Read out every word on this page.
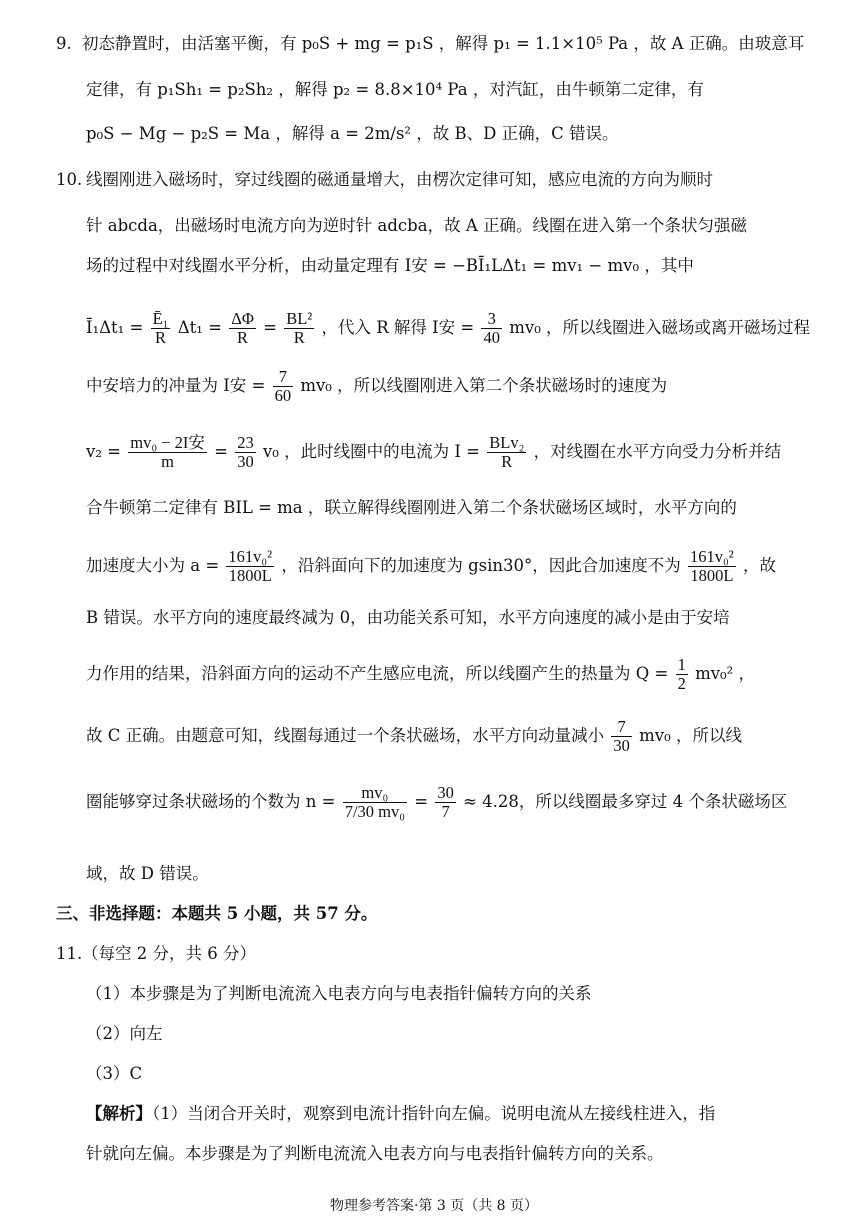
9. 初态静置时，由活塞平衡，有 p₀S + mg = p₁S ，解得 p₁ = 1.1×10⁵ Pa ，故 A 正确。由玻意耳
定律，有 p₁Sh₁ = p₂Sh₂ ，解得 p₂ = 8.8×10⁴ Pa ，对汽缸，由牛顿第二定律，有
p₀S − Mg − p₂S = Ma ，解得 a = 2m/s² ，故 B、D 正确，C 错误。
10. 线圈刚进入磁场时，穿过线圈的磁通量增大，由楞次定律可知，感应电流的方向为顺时
针 abcda，出磁场时电流方向为逆时针 adcba，故 A 正确。线圈在进入第一个条状匀强磁
场的过程中对线圈水平分析，由动量定理有 I安 = −BĪ₁LΔt₁ = mv₁ − mv₀ ，其中
Ī₁Δt₁ = $\frac{\text{Ē₁}}{R} \Delta t_1 = \frac{\Delta\Phi}{R} = \frac{\text{BL²}}{R}$ ，代入 R 解得 I安 = $\frac{3}{40} mv_0$ ，所以线圈进入磁场或离开磁场过程
中安培力的冲量为 I安 = $\frac{7}{60} mv_0$ ，所以线圈刚进入第二个条状磁场时的速度为
$v_2 = \frac{\text{mv₀ − 2I安}}{m} = \frac{23}{30} v_0$ ，此时线圈中的电流为 $I = \frac{\text{BLv₂}}{R}$ ，对线圈在水平方向受力分析并结
合牛顿第二定律有 BIL = ma ，联立解得线圈刚进入第二个条状磁场区域时，水平方向的
加速度大小为 $a = \frac{\text{161v₀²}}{1800L}$ ，沿斜面向下的加速度为 gsin30°，因此合加速度不为 $\frac{\text{161v₀²}}{1800L}$ ，故
B 错误。水平方向的速度最终减为 0，由功能关系可知，水平方向速度的减小是由于安培
力作用的结果，沿斜面方向的运动不产生感应电流，所以线圈产生的热量为 $Q = \frac{1}{2} mv_0^2$ ，
故 C 正确。由题意可知，线圈每通过一个条状磁场，水平方向动量减小 $\frac{7}{30} mv_0$ ，所以线
圈能够穿过条状磁场的个数为 $n = \frac{\text{mv₀}}{\text{7/30 mv₀}} = \frac{30}{7} \approx 4.28$，所以线圈最多穿过 4 个条状磁场区
域，故 D 错误。
三、非选择题：本题共 5 小题，共 57 分。
11. （每空 2 分，共 6 分）
（1）本步骤是为了判断电流流入电表方向与电表指针偏转方向的关系
（2）向左
（3）C
【解析】（1）当闭合开关时，观察到电流计指针向左偏。说明电流从左接线柱进入，指
针就向左偏。本步骤是为了判断电流流入电表方向与电表指针偏转方向的关系。
物理参考答案·第 3 页（共 8 页）
